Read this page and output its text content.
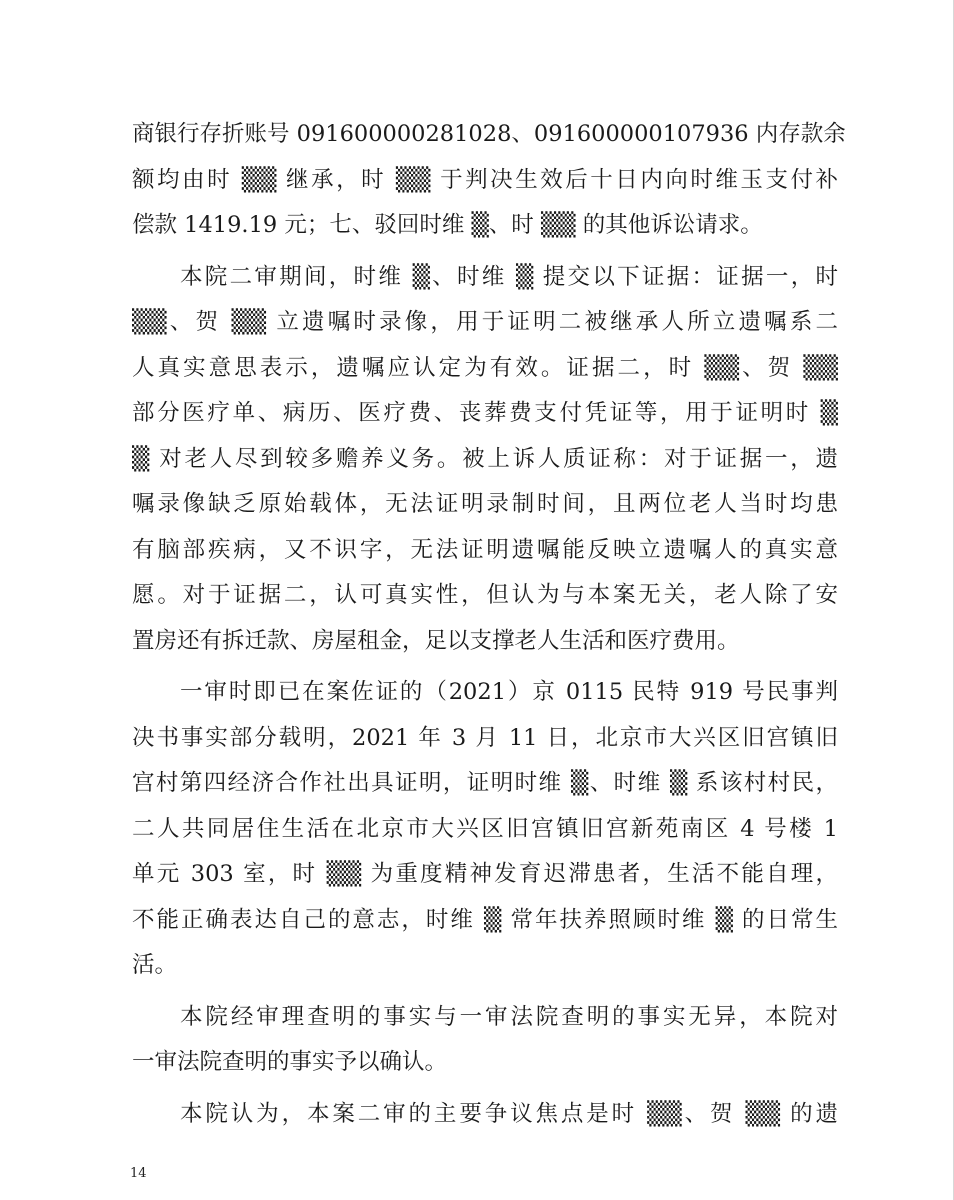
商银行存折账号 091600000281028、091600000107936 内存款余
额均由时 ▒▒ 继承，时 ▒▒ 于判决生效后十日内向时维玉支付补
偿款 1419.19 元；七、驳回时维 ▒、时 ▒▒ 的其他诉讼请求。
本院二审期间，时维 ▒、时维 ▒ 提交以下证据：证据一，时
▒▒、贺 ▒▒ 立遗嘱时录像，用于证明二被继承人所立遗嘱系二
人真实意思表示，遗嘱应认定为有效。证据二，时 ▒▒、贺 ▒▒
部分医疗单、病历、医疗费、丧葬费支付凭证等，用于证明时 ▒
▒ 对老人尽到较多赡养义务。被上诉人质证称：对于证据一，遗
嘱录像缺乏原始载体，无法证明录制时间，且两位老人当时均患
有脑部疾病，又不识字，无法证明遗嘱能反映立遗嘱人的真实意
愿。对于证据二，认可真实性，但认为与本案无关，老人除了安
置房还有拆迁款、房屋租金，足以支撑老人生活和医疗费用。
一审时即已在案佐证的（2021）京 0115 民特 919 号民事判
决书事实部分载明，2021 年 3 月 11 日，北京市大兴区旧宫镇旧
宫村第四经济合作社出具证明，证明时维 ▒、时维 ▒ 系该村村民，
二人共同居住生活在北京市大兴区旧宫镇旧宫新苑南区 4 号楼 1
单元 303 室，时 ▒▒ 为重度精神发育迟滞患者，生活不能自理，
不能正确表达自己的意志，时维 ▒ 常年扶养照顾时维 ▒ 的日常生
活。
本院经审理查明的事实与一审法院查明的事实无异，本院对
一审法院查明的事实予以确认。
本院认为，本案二审的主要争议焦点是时 ▒▒、贺 ▒▒ 的遗
14
